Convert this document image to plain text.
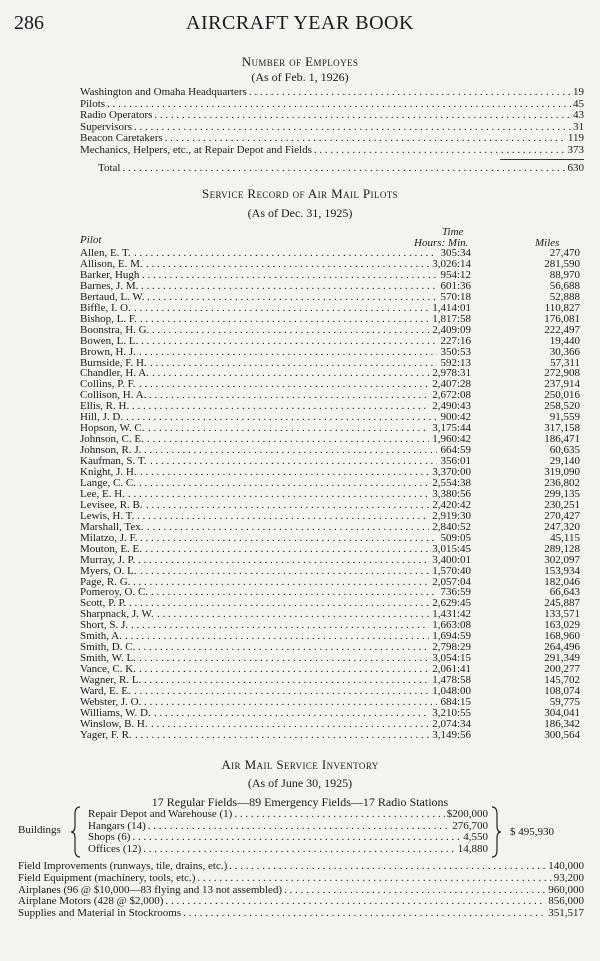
286	AIRCRAFT YEAR BOOK
Number of Employes
(As of Feb. 1, 1926)
Washington and Omaha Headquarters . . .	19
Pilots . . .	45
Radio Operators . . .	43
Supervisors . . .	31
Beacon Caretakers . . .	119
Mechanics, Helpers, etc., at Repair Depot and Fields . . .	373
Total . . .	630
Service Record of Air Mail Pilots
(As of Dec. 31, 1925)
Pilot
Time
Hours: Min.	Miles
Allen, E. T. . . .	305:34	27,470
Allison, E. M. . . .	3,026:14	281,590
Barker, Hugh . . .	954:12	88,970
Barnes, J. M. . . .	601:36	56,688
Bertaud, L. W. . . .	570:18	52,888
Biffle, I. O. . . .	1,414:01	110,827
Bishop, L. F. . . .	1,817:58	176,081
Boonstra, H. G. . . .	2,409:09	222,497
Bowen, L. L. . . .	227:16	19,440
Brown, H. J. . . .	350:53	30,366
Burnside, F. H. . . .	592:13	57,311
Chandler, H. A. . . .	2,978:31	272,908
Collins, P. F. . . .	2,407:28	237,914
Collison, H. A. . . .	2,672:08	250,016
Ellis, R. H. . . .	2,490:43	258,520
Hill, J. D. . . .	900:42	91,559
Hopson, W. C. . . .	3,175:44	317,158
Johnson, C. E. . . .	1,960:42	186,471
Johnson, R. J. . . .	664:59	60,635
Kaufman, S. T. . . .	356:01	29,140
Knight, J. H. . . .	3,370:00	319,090
Lange, C. C. . . .	2,554:38	236,802
Lee, E. H. . . .	3,380:56	299,135
Levisee, R. B. . . .	2,420:42	230,251
Lewis, H. T. . . .	2,919:30	270,427
Marshall, Tex. . . .	2,840:52	247,320
Milatzo, J. F. . . .	509:05	45,115
Mouton, E. E. . . .	3,015:45	289,128
Murray, J. P. . . .	3,400:01	302,097
Myers, O. L. . . .	1,570:40	153,934
Page, R. G. . . .	2,057:04	182,046
Pomeroy, O. C. . . .	736:59	66,643
Scott, P. P. . . .	2,629:45	245,887
Sharpnack, J. W. . . .	1,431:42	133,571
Short, S. J. . . .	1,663:08	163,029
Smith, A. . . .	1,694:59	168,960
Smith, D. C. . . .	2,798:29	264,496
Smith, W. L. . . .	3,054:15	291,349
Vance, C. K. . . .	2,061:41	200,277
Wagner, R. L. . . .	1,478:58	145,702
Ward, E. E. . . .	1,048:00	108,074
Webster, J. O. . . .	684:15	59,775
Williams, W. D. . . .	3,210:55	304,041
Winslow, B. H. . . .	2,074:34	186,342
Yager, F. R. . . .	3,149:56	300,564
Air Mail Service Inventory
(As of June 30, 1925)
17 Regular Fields—89 Emergency Fields—17 Radio Stations
Buildings
Repair Depot and Warehouse (1) . . .	$200,000
Hangars (14) . . .	276,700
Shops (6) . . .	4,550
Offices (12) . . .	14,880
$ 495,930
Field Improvements (runways, tile, drains, etc.) . . .	140,000
Field Equipment (machinery, tools, etc.) . . .	93,200
Airplanes (96 @ $10,000—83 flying and 13 not assembled) . . .	960,000
Airplane Motors (428 @ $2,000) . . .	856,000
Supplies and Material in Stockrooms . . .	351,517
